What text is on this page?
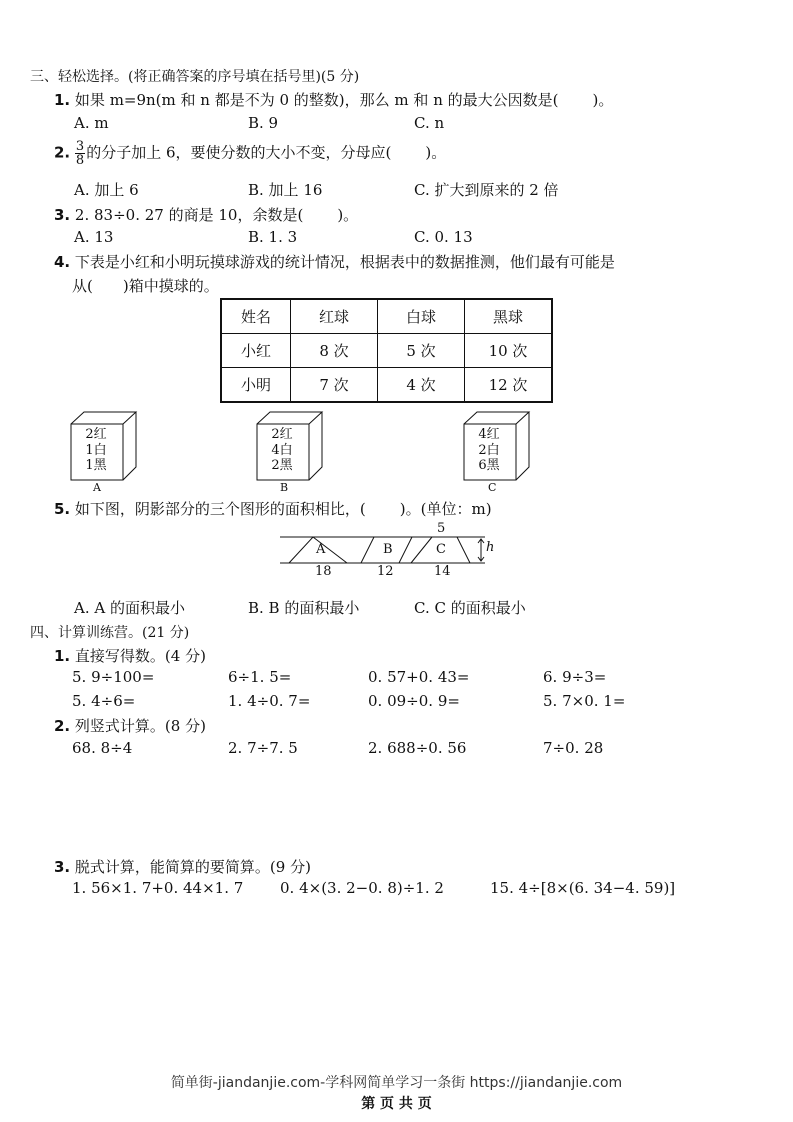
三、轻松选择。(将正确答案的序号填在括号里)(5 分)
1. 如果 m=9n(m 和 n 都是不为 0 的整数)，那么 m 和 n 的最大公因数是( )。
A. m	B. 9	C. n
2. $\frac{3}{8}$ 的分子加上 6，要使分数的大小不变，分母应( )。
A. 加上 6	B. 加上 16	C. 扩大到原来的 2 倍
3. 2. 83÷0. 27 的商是 10，余数是( )。
A. 13	B. 1. 3	C. 0. 13
4. 下表是小红和小明玩摸球游戏的统计情况，根据表中的数据推测，他们最有可能是
从( )箱中摸球的。
姓名	红球	白球	黑球
小红	8 次	5 次	10 次
小明	7 次	4 次	12 次
2红
1白
1黑
2红
4白
2黑
4红
2白
6黑
A	B	C
5. 如下图，阴影部分的三个图形的面积相比，( )。(单位：m)
A	B	C
18	12	14
5
h
A. A 的面积最小	B. B 的面积最小	C. C 的面积最小
四、计算训练营。(21 分)
1. 直接写得数。(4 分)
5. 9÷100=	6÷1. 5=	0. 57+0. 43=	6. 9÷3=
5. 4÷6=	1. 4÷0. 7=	0. 09÷0. 9=	5. 7×0. 1=
2. 列竖式计算。(8 分)
68. 8÷4	2. 7÷7. 5	2. 688÷0. 56	7÷0. 28
3. 脱式计算，能简算的要简算。(9 分)
1. 56×1. 7+0. 44×1. 7 0. 4×(3. 2−0. 8)÷1. 2	15. 4÷[8×(6. 34−4. 59)]
简单街-jiandanjie.com-学科网简单学习一条街 https://jiandanjie.com
第 页 共 页
